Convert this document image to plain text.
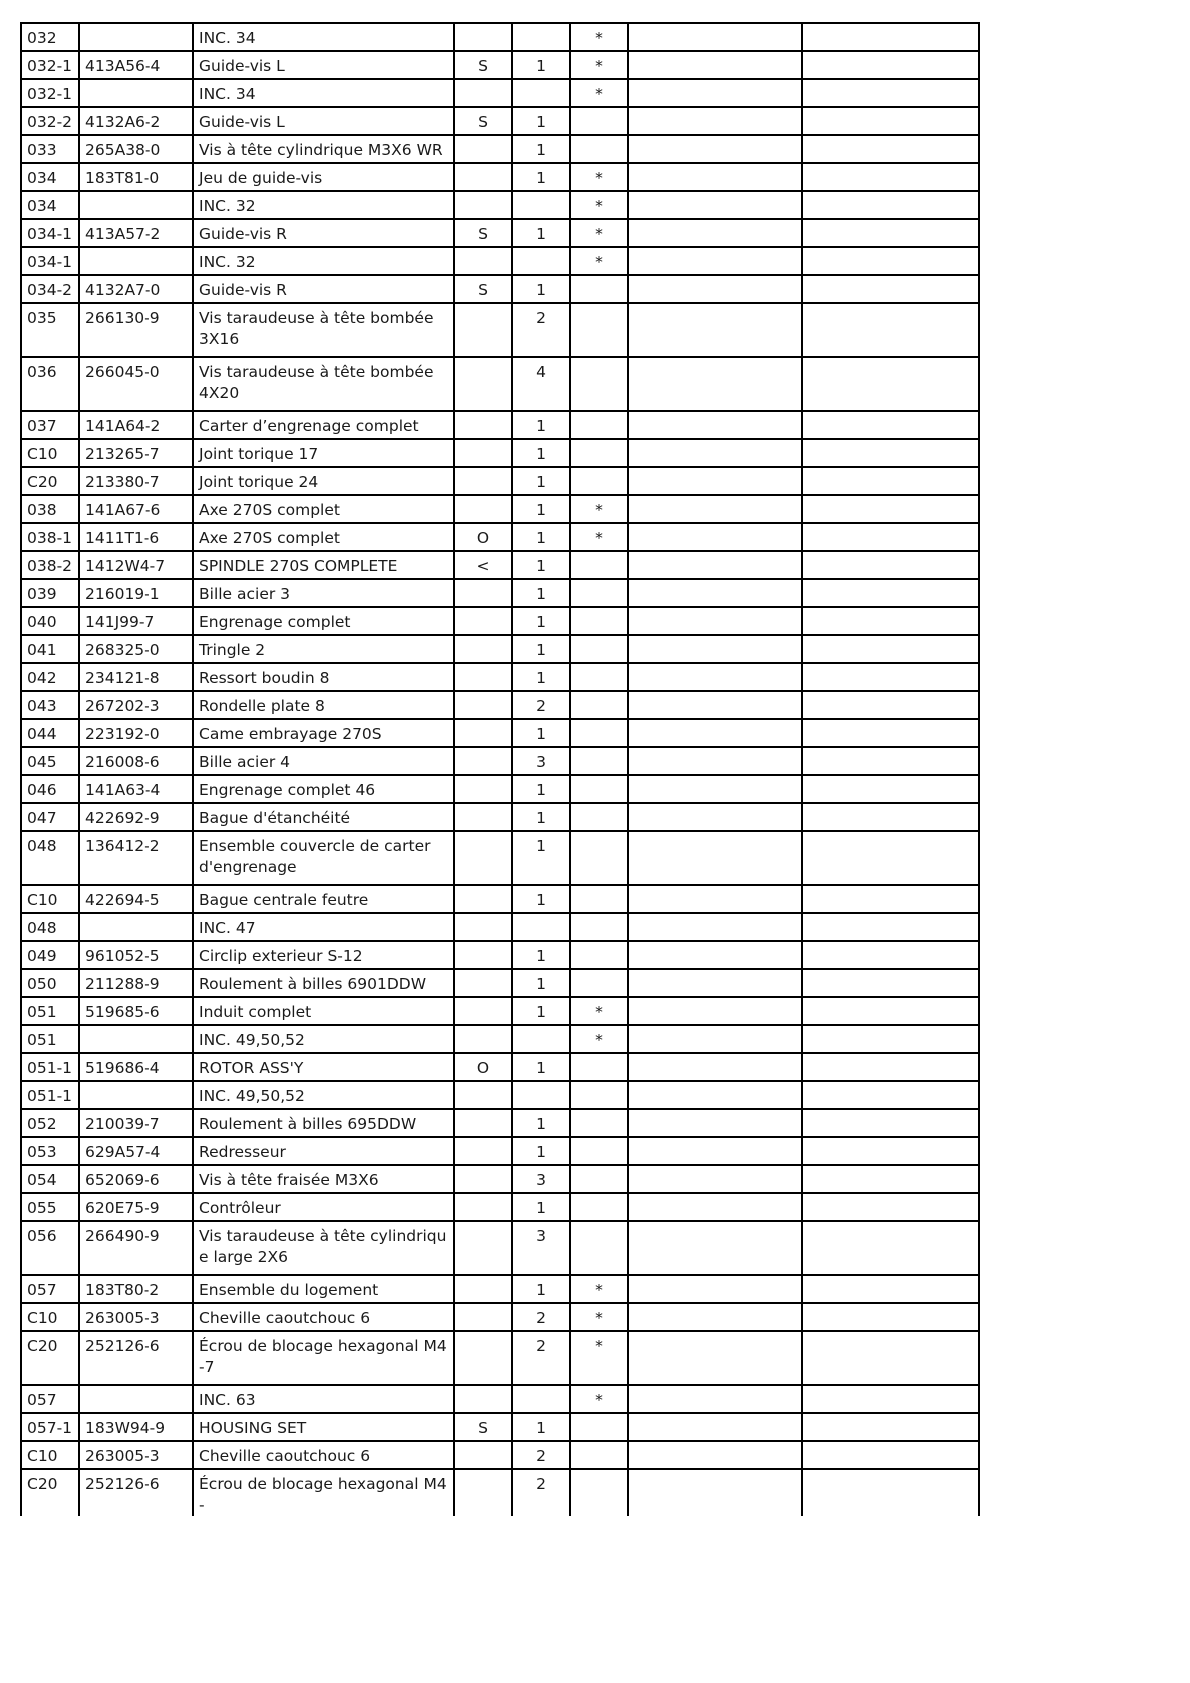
032		INC. 34			*		
032-1	413A56-4	Guide-vis L	S	1	*		
032-1		INC. 34			*		
032-2	4132A6-2	Guide-vis L	S	1			
033	265A38-0	Vis à tête cylindrique M3X6 WR		1			
034	183T81-0	Jeu de guide-vis		1	*		
034		INC. 32			*		
034-1	413A57-2	Guide-vis R	S	1	*		
034-1		INC. 32			*		
034-2	4132A7-0	Guide-vis R	S	1			
035	266130-9	Vis taraudeuse à tête bombée 3X16		2			
036	266045-0	Vis taraudeuse à tête bombée 4X20		4			
037	141A64-2	Carter d’engrenage complet		1			
C10	213265-7	Joint torique 17		1			
C20	213380-7	Joint torique 24		1			
038	141A67-6	Axe 270S complet		1	*		
038-1	1411T1-6	Axe 270S complet	O	1	*		
038-2	1412W4-7	SPINDLE 270S COMPLETE	<	1			
039	216019-1	Bille acier 3		1			
040	141J99-7	Engrenage complet		1			
041	268325-0	Tringle 2		1			
042	234121-8	Ressort boudin 8		1			
043	267202-3	Rondelle plate 8		2			
044	223192-0	Came embrayage 270S		1			
045	216008-6	Bille acier 4		3			
046	141A63-4	Engrenage complet 46		1			
047	422692-9	Bague d'étanchéité		1			
048	136412-2	Ensemble couvercle de carter d'engrenage		1			
C10	422694-5	Bague centrale feutre		1			
048		INC. 47					
049	961052-5	Circlip exterieur S-12		1			
050	211288-9	Roulement à billes 6901DDW		1			
051	519685-6	Induit complet		1	*		
051		INC. 49,50,52			*		
051-1	519686-4	ROTOR ASS'Y	O	1			
051-1		INC. 49,50,52					
052	210039-7	Roulement à billes 695DDW		1			
053	629A57-4	Redresseur		1			
054	652069-6	Vis à tête fraisée M3X6		3			
055	620E75-9	Contrôleur		1			
056	266490-9	Vis taraudeuse à tête cylindrique large 2X6		3			
057	183T80-2	Ensemble du logement		1	*		
C10	263005-3	Cheville caoutchouc 6		2	*		
C20	252126-6	Écrou de blocage hexagonal M4-7		2	*		
057		INC. 63			*		
057-1	183W94-9	HOUSING SET	S	1			
C10	263005-3	Cheville caoutchouc 6		2			
C20	252126-6	Écrou de blocage hexagonal M4-		2			
